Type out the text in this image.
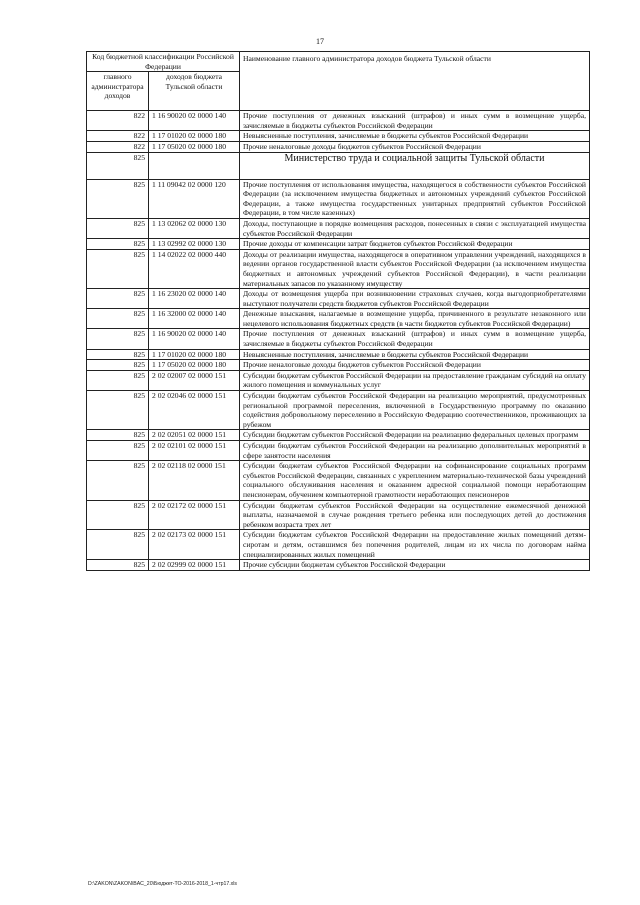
17
Код бюджетной классификации Российской Федерации		Наименование главного администратора доходов бюджета Тульской области
главного администратора доходов	доходов бюджета Тульской области	
822	1 16 90020 02 0000 140	Прочие поступления от денежных взысканий (штрафов) и иных сумм в возмещение ущерба, зачисляемые в бюджеты субъектов Российской Федерации
822	1 17 01020 02 0000 180	Невыясненные поступления, зачисляемые в бюджеты субъектов Российской Федерации
822	1 17 05020 02 0000 180	Прочие неналоговые доходы бюджетов субъектов Российской Федерации
825		Министерство труда и социальной защиты Тульской области
825	1 11 09042 02 0000 120	Прочие поступления от использования имущества, находящегося в собственности субъектов Российской Федерации (за исключением имущества бюджетных и автономных учреждений субъектов Российской Федерации, а также имущества государственных унитарных предприятий субъектов Российской Федерации, в том числе казенных)
825	1 13 02062 02 0000 130	Доходы, поступающие в порядке возмещения расходов, понесенных в связи с эксплуатацией имущества субъектов Российской Федерации
825	1 13 02992 02 0000 130	Прочие доходы от компенсации затрат бюджетов субъектов Российской Федерации
825	1 14 02022 02 0000 440	Доходы от реализации имущества, находящегося в оперативном управлении учреждений, находящихся в ведении органов государственной власти субъектов Российской Федерации (за исключением имущества бюджетных и автономных учреждений субъектов Российской Федерации), в части реализации материальных запасов по указанному имуществу
825	1 16 23020 02 0000 140	Доходы от возмещения ущерба при возникновении страховых случаев, когда выгодоприобретателями выступают получатели средств бюджетов субъектов Российской Федерации
825	1 16 32000 02 0000 140	Денежные взыскания, налагаемые в возмещение ущерба, причиненного в результате незаконного или нецелевого использования бюджетных средств (в части бюджетов субъектов Российской Федерации)
825	1 16 90020 02 0000 140	Прочие поступления от денежных взысканий (штрафов) и иных сумм в возмещение ущерба, зачисляемые в бюджеты субъектов Российской Федерации
825	1 17 01020 02 0000 180	Невыясненные поступления, зачисляемые в бюджеты субъектов Российской Федерации
825	1 17 05020 02 0000 180	Прочие неналоговые доходы бюджетов субъектов Российской Федерации
825	2 02 02007 02 0000 151	Субсидии бюджетам субъектов Российской Федерации на предоставление гражданам субсидий на оплату жилого помещения и коммунальных услуг
825	2 02 02046 02 0000 151	Субсидии бюджетам субъектов Российской Федерации на реализацию мероприятий, предусмотренных региональной программой переселения, включенной в Государственную программу по оказанию содействия добровольному переселению в Российскую Федерацию соотечественников, проживающих за рубежом
825	2 02 02051 02 0000 151	Субсидии бюджетам субъектов Российской Федерации на реализацию федеральных целевых программ
825	2 02 02101 02 0000 151	Субсидии бюджетам субъектов Российской Федерации на реализацию дополнительных мероприятий в сфере занятости населения
825	2 02 02118 02 0000 151	Субсидии бюджетам субъектов Российской Федерации на софинансирование социальных программ субъектов Российской Федерации, связанных с укреплением материально-технической базы учреждений социального обслуживания населения и оказанием адресной социальной помощи неработающим пенсионерам, обучением компьютерной грамотности неработающих пенсионеров
825	2 02 02172 02 0000 151	Субсидии бюджетам субъектов Российской Федерации на осуществление ежемесячной денежной выплаты, назначаемой в случае рождения третьего ребенка или последующих детей до достижения ребенком возраста трех лет
825	2 02 02173 02 0000 151	Субсидии бюджетам субъектов Российской Федерации на предоставление жилых помещений детям-сиротам и детям, оставшимся без попечения родителей, лицам из их числа по договорам найма специализированных жилых помещений
825	2 02 02999 02 0000 151	Прочие субсидии бюджетам субъектов Российской Федерации
D:\ZAKON\ZAKON\BAC_20\Бюджет-ТО-2016-2018_1-чтр17.xls
